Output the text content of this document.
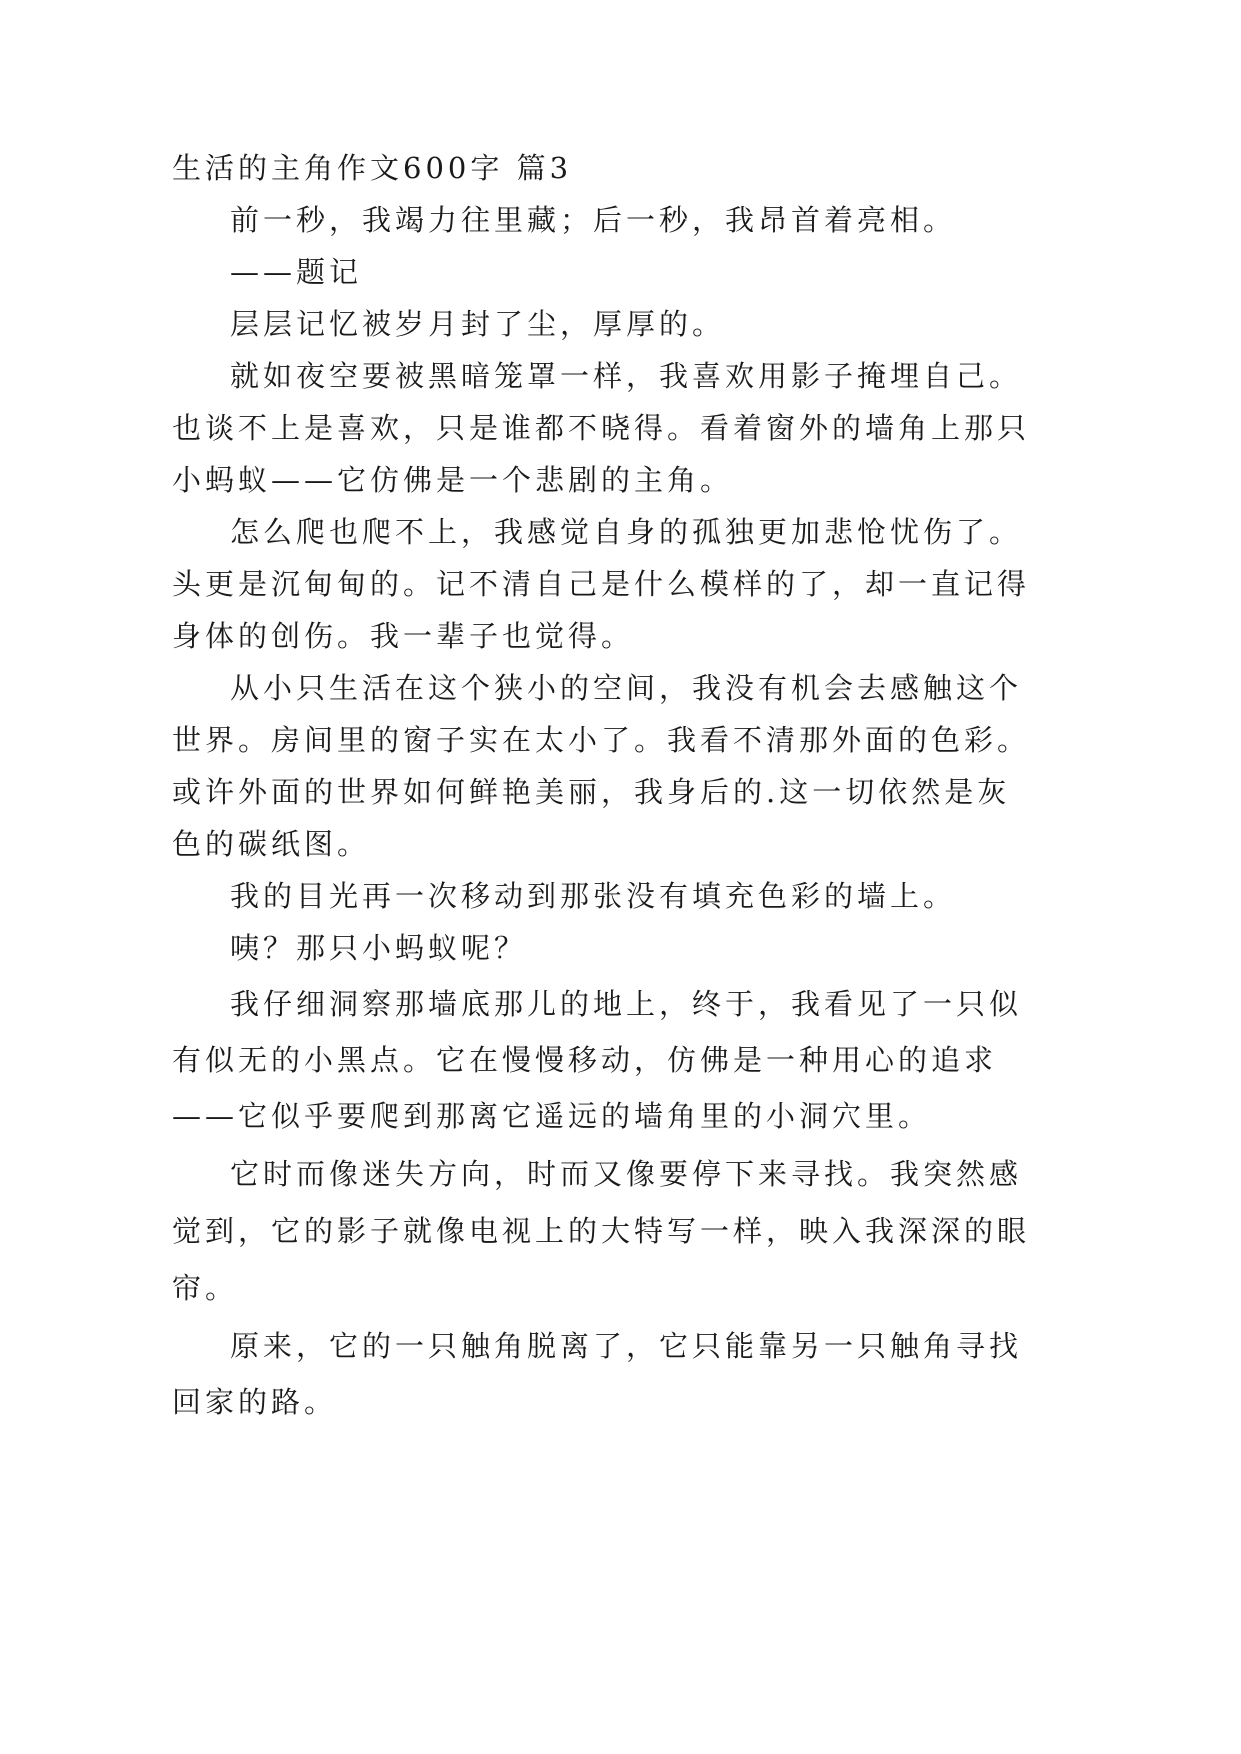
生活的主角作文600字 篇3
前一秒，我竭力往里藏；后一秒，我昂首着亮相。
——题记
层层记忆被岁月封了尘，厚厚的。
就如夜空要被黑暗笼罩一样，我喜欢用影子掩埋自己。
也谈不上是喜欢，只是谁都不晓得。看着窗外的墙角上那只
小蚂蚁——它仿佛是一个悲剧的主角。
怎么爬也爬不上，我感觉自身的孤独更加悲怆忧伤了。
头更是沉甸甸的。记不清自己是什么模样的了，却一直记得
身体的创伤。我一辈子也觉得。
从小只生活在这个狭小的空间，我没有机会去感触这个
世界。房间里的窗子实在太小了。我看不清那外面的色彩。
或许外面的世界如何鲜艳美丽，我身后的.这一切依然是灰
色的碳纸图。
我的目光再一次移动到那张没有填充色彩的墙上。
咦？那只小蚂蚁呢？
我仔细洞察那墙底那儿的地上，终于，我看见了一只似
有似无的小黑点。它在慢慢移动，仿佛是一种用心的追求
——它似乎要爬到那离它遥远的墙角里的小洞穴里。
它时而像迷失方向，时而又像要停下来寻找。我突然感
觉到，它的影子就像电视上的大特写一样，映入我深深的眼
帘。
原来，它的一只触角脱离了，它只能靠另一只触角寻找
回家的路。
